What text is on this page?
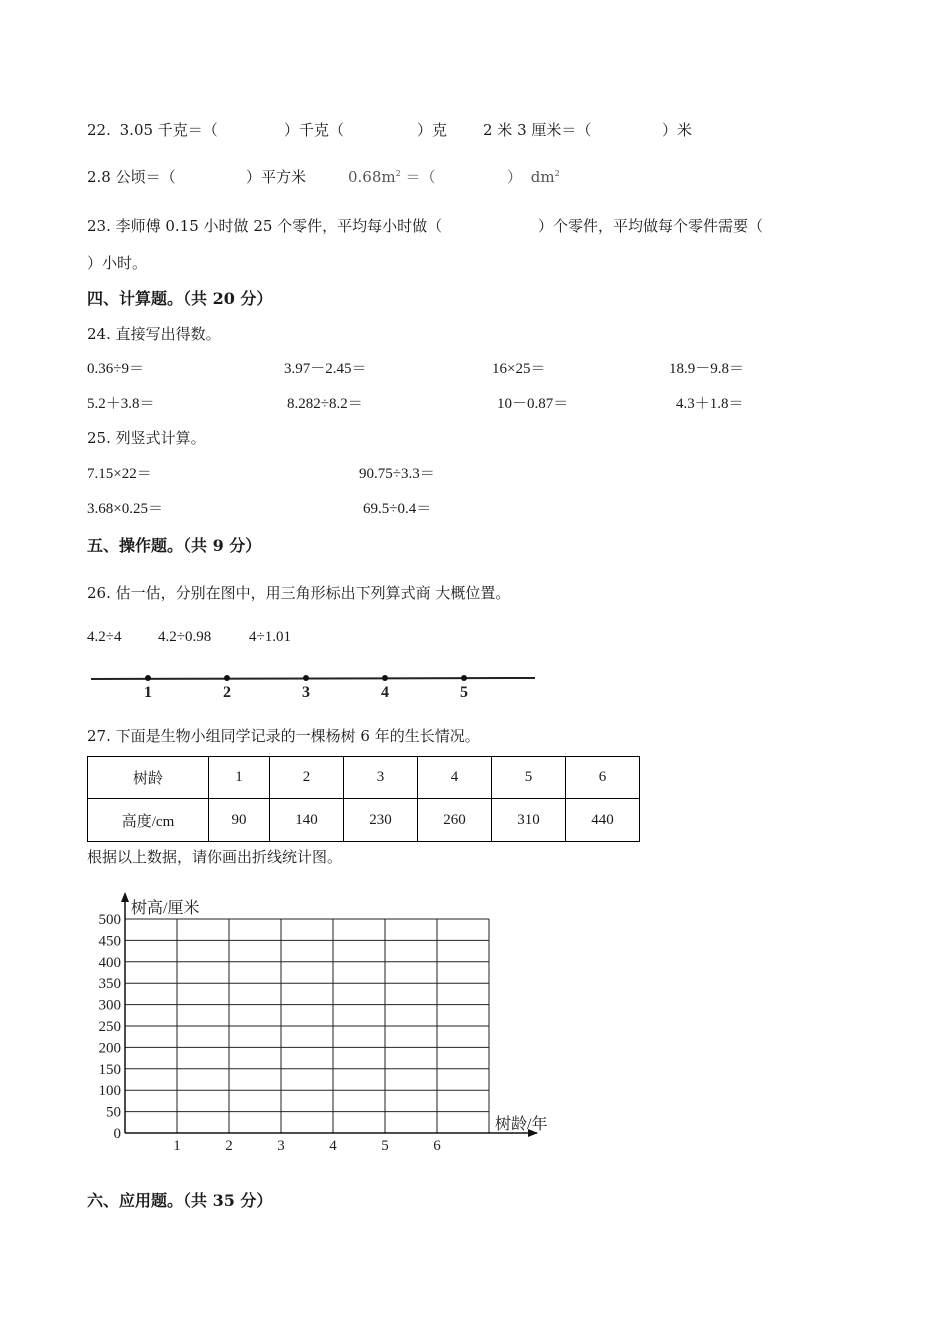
22. 3.05 千克＝（	）千克（	）克 2 米 3 厘米＝（	）米
2.8 公顷＝（	）平方米	$0.68m^2$ ＝（	） $dm^2$
23. 李师傅 0.15 小时做 25 个零件，平均每小时做（	）个零件，平均做每个零件需要（
）小时。
四、计算题。（共 20 分）
24. 直接写出得数。
0.36÷9＝	3.97－2.45＝	16×25＝	18.9－9.8＝
5.2＋3.8＝	8.282÷8.2＝	10－0.87＝	4.3＋1.8＝
25. 列竖式计算。
7.15×22＝	90.75÷3.3＝
3.68×0.25＝	69.5÷0.4＝
五、操作题。（共 9 分）
26. 估一估，分别在图中，用三角形标出下列算式商 大概位置。
4.2÷4 4.2÷0.98	4÷1.01
1	2	3	4	5
27. 下面是生物小组同学记录的一棵杨树 6 年的生长情况。
树龄	1	2	3	4	5	6
高度/cm	90	140	230	260	310	440
根据以上数据，请你画出折线统计图。
0
50
100
150
200
250
300
350
400
450
500
1	2	3	4	5	6
树高/厘米
树龄/年
六、应用题。（共 35 分）
